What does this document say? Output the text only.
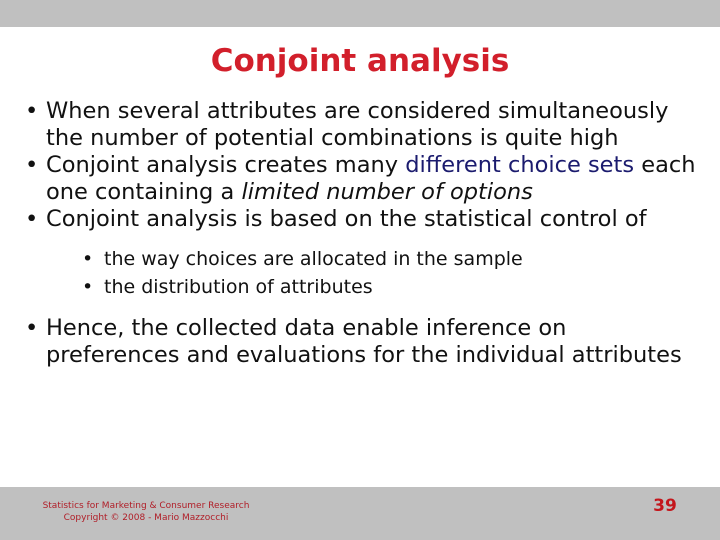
Conjoint analysis
• When several attributes are considered simultaneously the number of potential combinations is quite high
• Conjoint analysis creates many different choice sets each one containing a limited number of options
• Conjoint analysis is based on the statistical control of
• the way choices are allocated in the sample
• the distribution of attributes
• Hence, the collected data enable inference on preferences and evaluations for the individual attributes
Statistics for Marketing & Consumer Research
Copyright © 2008 - Mario Mazzocchi
39
